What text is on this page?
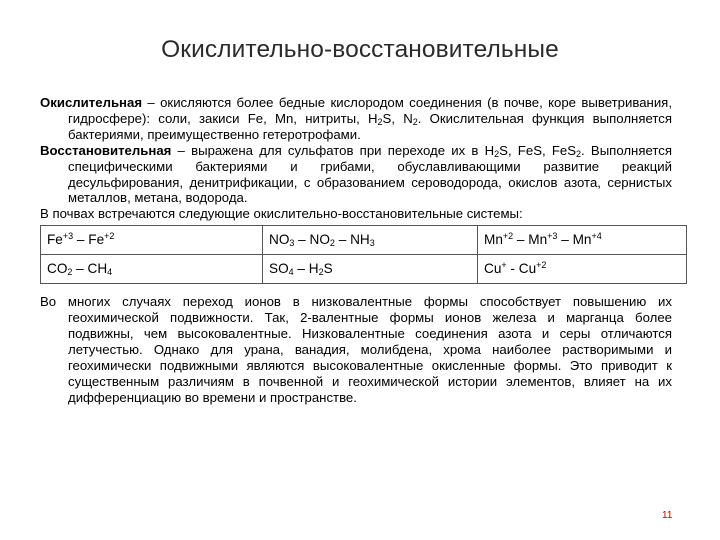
Окислительно-восстановительные

Окислительная – окисляются более бедные кислородом соединения (в почве, коре выветривания, гидросфере): соли, закиси Fe, Mn, нитриты, $H_2S$, $N_2$. Окислительная функция выполняется бактериями, преимущественно гетеротрофами.

Восстановительная – выражена для сульфатов при переходе их в $H_2S$, FeS, FeS$_2$. Выполняется специфическими бактериями и грибами, обуславливающими развитие реакций десульфирования, денитрификации, с образованием сероводорода, окислов азота, сернистых металлов, метана, водорода.

В почвах встречаются следующие окислительно-восстановительные системы:

$Fe^{+3} - Fe^{+2}$	$NO_3 - NO_2 - NH_3$	$Mn^{+2} - Mn^{+3} - Mn^{+4}$
$CO_2 - CH_4$	$SO_4 - H_2S$	$Cu^+ - Cu^{+2}$

Во многих случаях переход ионов в низковалентные формы способствует повышению их геохимической подвижности. Так, 2-валентные формы ионов железа и марганца более подвижны, чем высоковалентные. Низковалентные соединения азота и серы отличаются летучестью. Однако для урана, ванадия, молибдена, хрома наиболее растворимыми и геохимически подвижными являются высоковалентные окисленные формы. Это приводит к существенным различиям в почвенной и геохимической истории элементов, влияет на их дифференциацию во времени и пространстве.

11
